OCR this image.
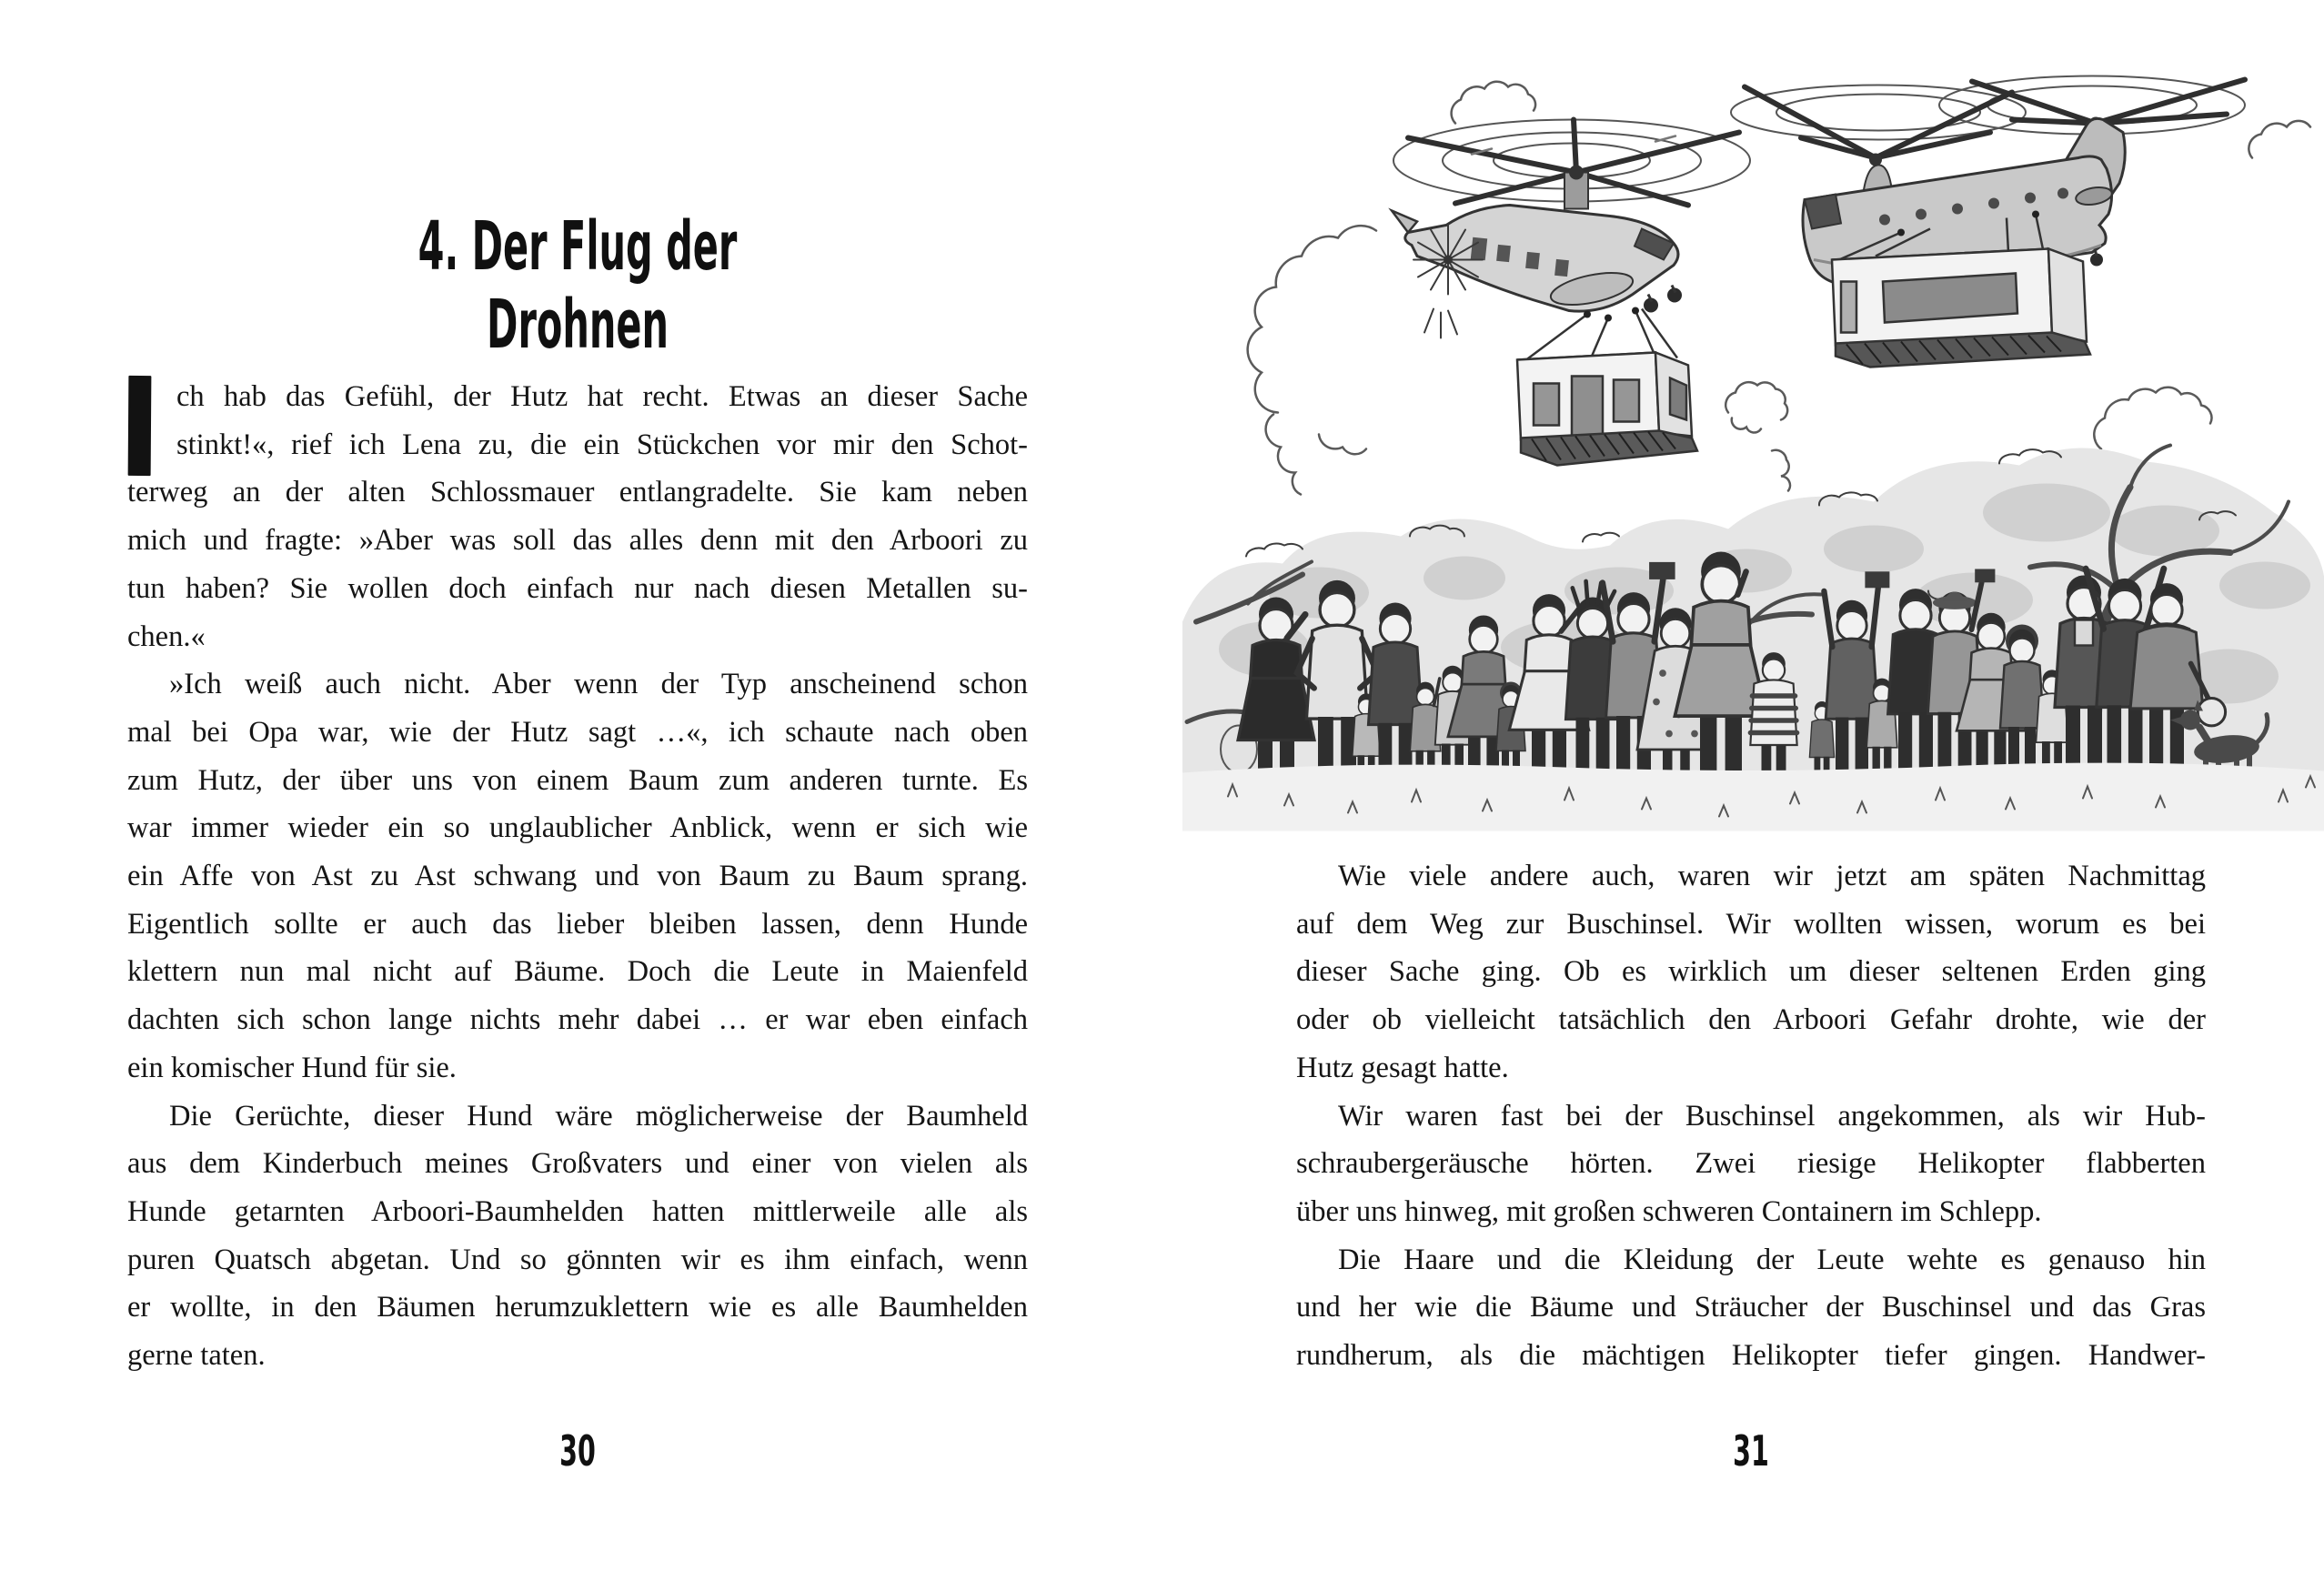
4. Der Flug der Drohnen
ch hab das Gefühl, der Hutz hat recht. Etwas an dieser Sache
stinkt!«, rief ich Lena zu, die ein Stückchen vor mir den Schot-
terweg an der alten Schlossmauer entlangradelte. Sie kam neben
mich und fragte: »Aber was soll das alles denn mit den Arboori zu
tun haben? Sie wollen doch einfach nur nach diesen Metallen su-
chen.«
»Ich weiß auch nicht. Aber wenn der Typ anscheinend schon
mal bei Opa war, wie der Hutz sagt …«, ich schaute nach oben
zum Hutz, der über uns von einem Baum zum anderen turnte. Es
war immer wieder ein so unglaublicher Anblick, wenn er sich wie
ein Affe von Ast zu Ast schwang und von Baum zu Baum sprang.
Eigentlich sollte er auch das lieber bleiben lassen, denn Hunde
klettern nun mal nicht auf Bäume. Doch die Leute in Maienfeld
dachten sich schon lange nichts mehr dabei … er war eben einfach
ein komischer Hund für sie.
Die Gerüchte, dieser Hund wäre möglicherweise der Baumheld
aus dem Kinderbuch meines Großvaters und einer von vielen als
Hunde getarnten Arboori-Baumhelden hatten mittlerweile alle als
puren Quatsch abgetan. Und so gönnten wir es ihm einfach, wenn
er wollte, in den Bäumen herumzuklettern wie es alle Baumhelden
gerne taten.
30
Wie viele andere auch, waren wir jetzt am späten Nachmittag
auf dem Weg zur Buschinsel. Wir wollten wissen, worum es bei
dieser Sache ging. Ob es wirklich um dieser seltenen Erden ging
oder ob vielleicht tatsächlich den Arboori Gefahr drohte, wie der
Hutz gesagt hatte.
Wir waren fast bei der Buschinsel angekommen, als wir Hub-
schraubergeräusche hörten. Zwei riesige Helikopter flabberten
über uns hinweg, mit großen schweren Containern im Schlepp.
Die Haare und die Kleidung der Leute wehte es genauso hin
und her wie die Bäume und Sträucher der Buschinsel und das Gras
rundherum, als die mächtigen Helikopter tiefer gingen. Handwer-
31
